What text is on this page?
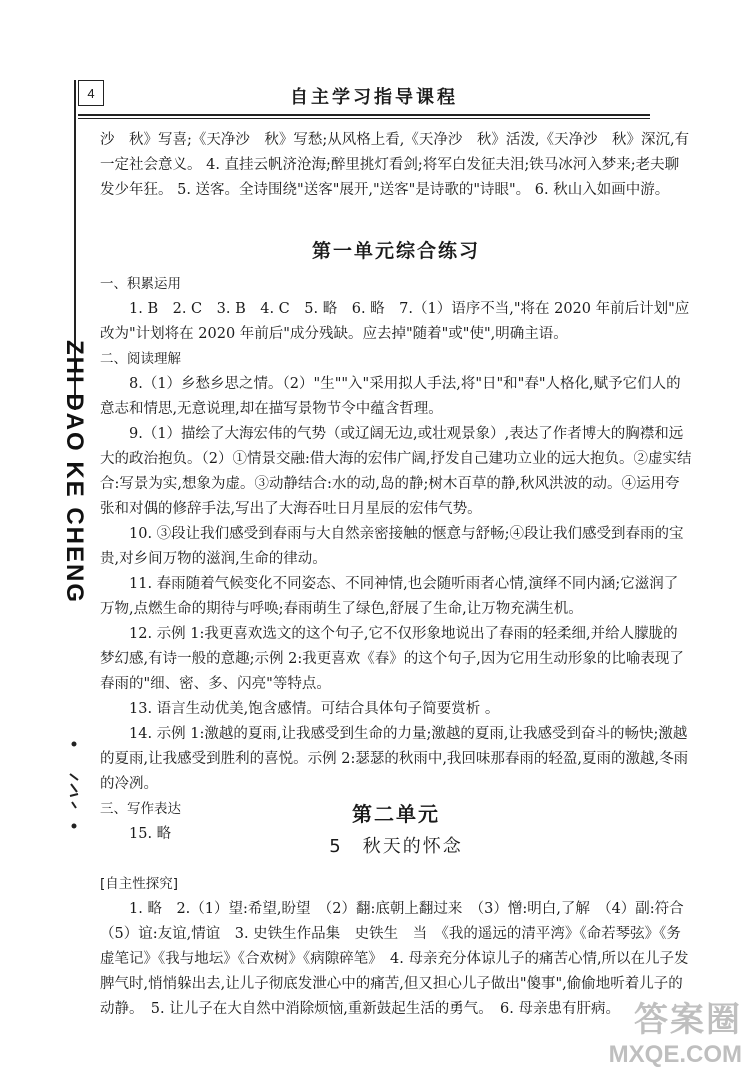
4	自主学习指导课程
ZHI DAO KE CHENG

沙　秋》写喜;《天净沙　秋》写愁;从风格上看,《天净沙　秋》活泼,《天净沙　秋》深沉,有一定社会意义。 4. 直挂云帆济沧海;醉里挑灯看剑;将军白发征夫泪;铁马冰河入梦来;老夫聊发少年狂。 5. 送客。全诗围绕"送客"展开,"送客"是诗歌的"诗眼"。 6. 秋山入如画中游。

第一单元综合练习

一、积累运用

1. B　2. C　3. B　4. C　5. 略　6. 略　7.（1）语序不当,"将在 2020 年前后计划"应改为"计划将在 2020 年前后"成分残缺。应去掉"随着"或"使",明确主语。

二、阅读理解

8.（1）乡愁乡思之情。（2）"生""入"采用拟人手法,将"日"和"春"人格化,赋予它们人的意志和情思,无意说理,却在描写景物节令中蕴含哲理。

9.（1）描绘了大海宏伟的气势（或辽阔无边,或壮观景象）,表达了作者博大的胸襟和远大的政治抱负。（2）①情景交融:借大海的宏伟广阔,抒发自己建功立业的远大抱负。②虚实结合:写景为实,想象为虚。③动静结合:水的动,岛的静;树木百草的静,秋风洪波的动。④运用夸张和对偶的修辞手法,写出了大海吞吐日月星辰的宏伟气势。

10. ③段让我们感受到春雨与大自然亲密接触的惬意与舒畅;④段让我们感受到春雨的宝贵,对乡间万物的滋润,生命的律动。

11. 春雨随着气候变化不同姿态、不同神情,也会随听雨者心情,演绎不同内涵;它滋润了万物,点燃生命的期待与呼唤;春雨萌生了绿色,舒展了生命,让万物充满生机。

12. 示例 1:我更喜欢选文的这个句子,它不仅形象地说出了春雨的轻柔细,并给人朦胧的梦幻感,有诗一般的意趣;示例 2:我更喜欢《春》的这个句子,因为它用生动形象的比喻表现了春雨的"细、密、多、闪亮"等特点。

13. 语言生动优美,饱含感情。可结合具体句子简要赏析 。

14. 示例 1:激越的夏雨,让我感受到生命的力量;激越的夏雨,让我感受到奋斗的畅快;激越的夏雨,让我感受到胜利的喜悦。示例 2:瑟瑟的秋雨中,我回味那春雨的轻盈,夏雨的激越,冬雨的冷冽。

三、写作表达

15. 略

第二单元
5　秋天的怀念

[自主性探究]

1. 略　2.（1）望:希望,盼望　（2）翻:底朝上翻过来　（3）憎:明白,了解　（4）副:符合　（5）谊:友谊,情谊　3. 史铁生作品集　史铁生　当　《我的遥远的清平湾》《命若琴弦》《务虚笔记》《我与地坛》《合欢树》《病隙碎笔》　4. 母亲充分体谅儿子的痛苦心情,所以在儿子发脾气时,悄悄躲出去,让儿子彻底发泄心中的痛苦,但又担心儿子做出"傻事",偷偷地听着儿子的动静。　5. 让儿子在大自然中消除烦恼,重新鼓起生活的勇气。　6. 母亲患有肝病。 答案圈
MXQE.COM
